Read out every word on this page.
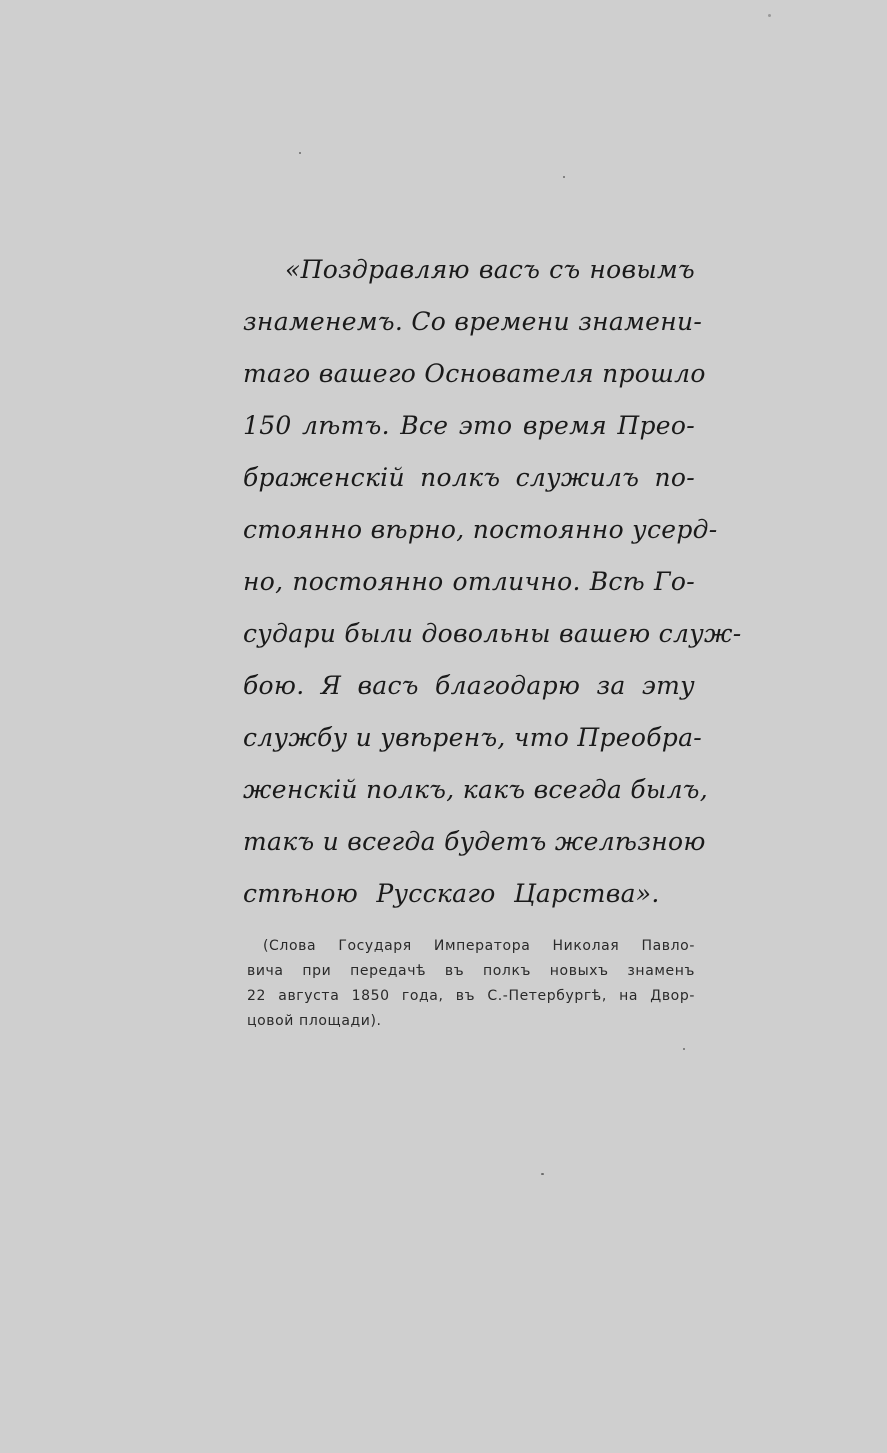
«Поздравляю васъ съ новымъ
знаменемъ. Со времени знамени-
таго вашего Основателя прошло
150 лѣтъ. Все это время Прео-
браженскій полкъ служилъ по-
стоянно вѣрно, постоянно усерд-
но, постоянно отлично. Всѣ Го-
судари были довольны вашею служ-
бою. Я васъ благодарю за эту
службу и увѣренъ, что Преобра-
женскій полкъ, какъ всегда былъ,
такъ и всегда будетъ желѣзною
стѣною Русскаго Царства».
(Слова Государя Императора Николая Павло-
вича при передачѣ въ полкъ новыхъ знаменъ
22 августа 1850 года, въ С.-Петербургѣ, на Двор-
цовой площади).
